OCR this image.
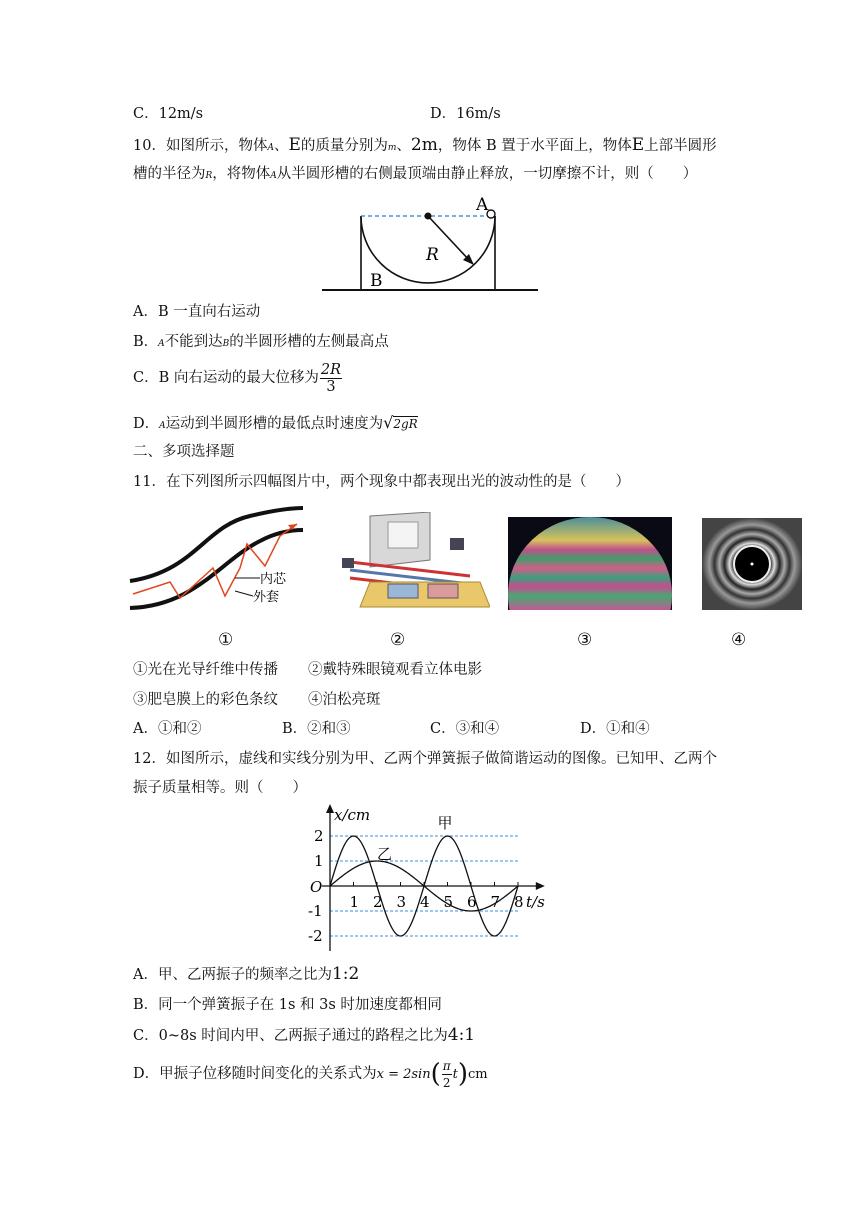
C．12m/s	D．16m/s
10．如图所示，物体A、E的质量分别为m、2m，物体 B 置于水平面上，物体E上部半圆形
槽的半径为R，将物体A从半圆形槽的右侧最顶端由静止释放，一切摩擦不计，则（　　）
A
B
R
A．B 一直向右运动
B．A不能到达B的半圆形槽的左侧最高点
C．B 向右运动的最大位移为 $\frac{2R}{3}$
D．A运动到半圆形槽的最低点时速度为√2gR
二、多项选择题
11．在下列图所示四幅图片中，两个现象中都表现出光的波动性的是（　　）
内芯
外套
①	②	③	④
①光在光导纤维中传播 ②戴特殊眼镜观看立体电影
③肥皂膜上的彩色条纹 ④泊松亮斑
A．①和②	B．②和③	C．③和④	D．①和④
12．如图所示，虚线和实线分别为甲、乙两个弹簧振子做简谐运动的图像。已知甲、乙两个
振子质量相等。则（　　）
1 2 3 4 5 6 7 8
2
1
-1
-2
O
x/cm
t/s
甲
乙
A．甲、乙两振子的频率之比为1:2
B．同一个弹簧振子在 1s 和 3s 时加速度都相同
C．0~8s 时间内甲、乙两振子通过的路程之比为4:1
D．甲振子位移随时间变化的关系式为$x = 2\sin( \frac{\pi}{2} t)cm$
